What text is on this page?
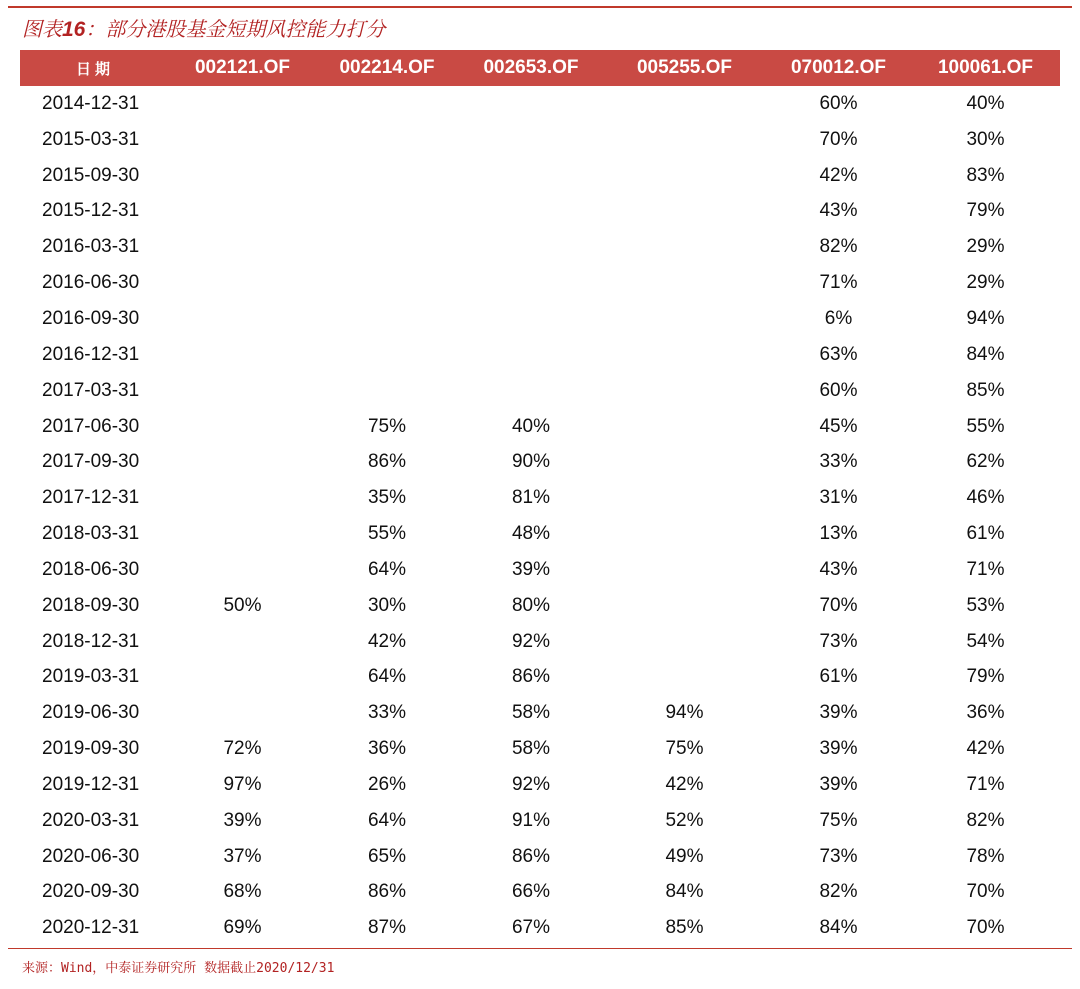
图表16：部分港股基金短期风控能力打分
日期	002121.OF	002214.OF	002653.OF	005255.OF	070012.OF	100061.OF
2014-12-31					60%	40%
2015-03-31					70%	30%
2015-09-30					42%	83%
2015-12-31					43%	79%
2016-03-31					82%	29%
2016-06-30					71%	29%
2016-09-30					6%	94%
2016-12-31					63%	84%
2017-03-31					60%	85%
2017-06-30		75%	40%		45%	55%
2017-09-30		86%	90%		33%	62%
2017-12-31		35%	81%		31%	46%
2018-03-31		55%	48%		13%	61%
2018-06-30		64%	39%		43%	71%
2018-09-30	50%	30%	80%		70%	53%
2018-12-31		42%	92%		73%	54%
2019-03-31		64%	86%		61%	79%
2019-06-30		33%	58%	94%	39%	36%
2019-09-30	72%	36%	58%	75%	39%	42%
2019-12-31	97%	26%	92%	42%	39%	71%
2020-03-31	39%	64%	91%	52%	75%	82%
2020-06-30	37%	65%	86%	49%	73%	78%
2020-09-30	68%	86%	66%	84%	82%	70%
2020-12-31	69%	87%	67%	85%	84%	70%
来源：Wind，中泰证券研究所 数据截止2020/12/31
